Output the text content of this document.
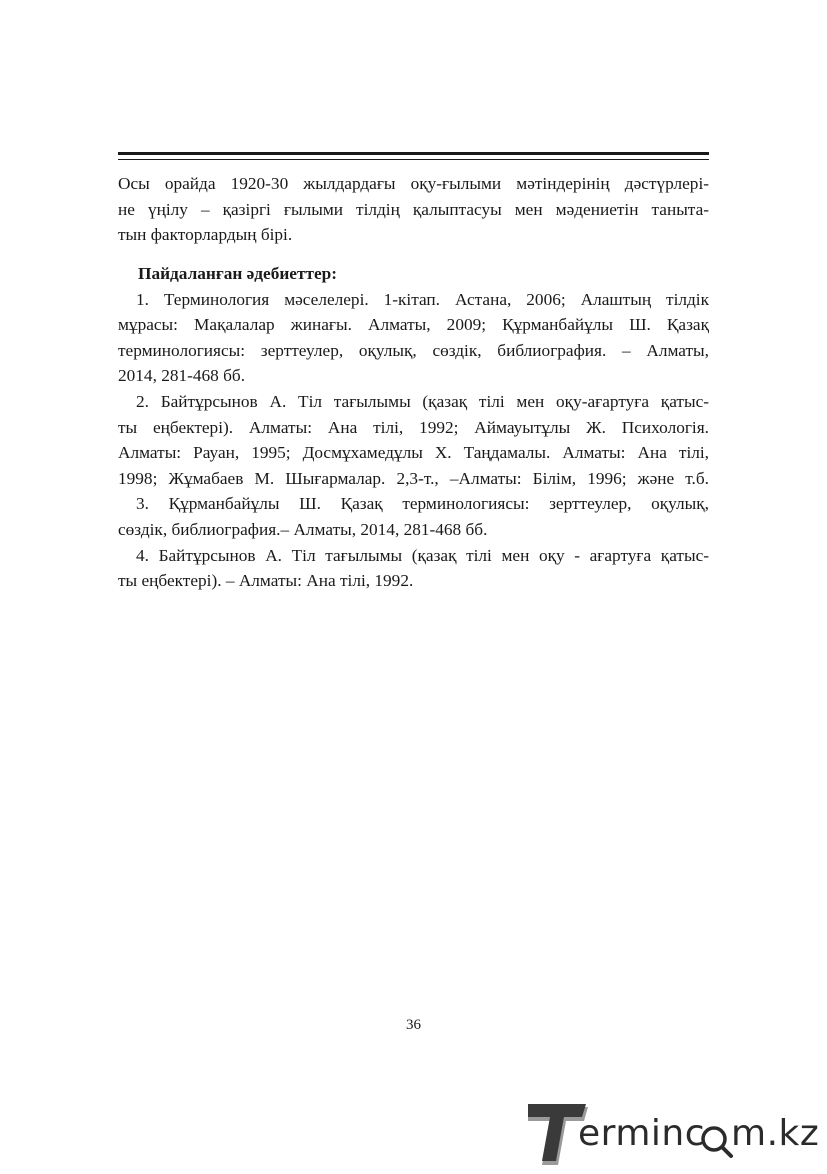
Осы орайда 1920-30 жылдардағы оқу-ғылыми мәтіндерінің дәстүрлері-
не үңілу – қазіргі ғылыми тілдің қалыптасуы мен мәдениетін таныта-
тын факторлардың бірі.
Пайдаланған әдебиеттер:
1. Терминология мәселелері. 1-кітап. Астана, 2006; Алаштың тілдік
мұрасы: Мақалалар жинағы. Алматы, 2009; Құрманбайұлы Ш. Қазақ
терминологиясы: зерттеулер, оқулық, сөздік, библиография. – Алматы,
2014, 281-468 бб.
2. Байтұрсынов А. Тіл тағылымы (қазақ тілі мен оқу-ағартуға қатыс-
ты еңбектері). Алматы: Ана тілі, 1992; Аймауытұлы Ж. Психологія.
Алматы: Рауан, 1995; Досмұхамедұлы Х. Таңдамалы. Алматы: Ана тілі,
1998; Жұмабаев М. Шығармалар. 2,3-т., –Алматы: Білім, 1996; және т.б.
3. Құрманбайұлы Ш. Қазақ терминологиясы: зерттеулер, оқулық,
сөздік, библиография.– Алматы, 2014, 281-468 бб.
4. Байтұрсынов А. Тіл тағылымы (қазақ тілі мен оқу - ағартуға қатыс-
ты еңбектері). – Алматы: Ана тілі, 1992.
36
erminc m.kz
